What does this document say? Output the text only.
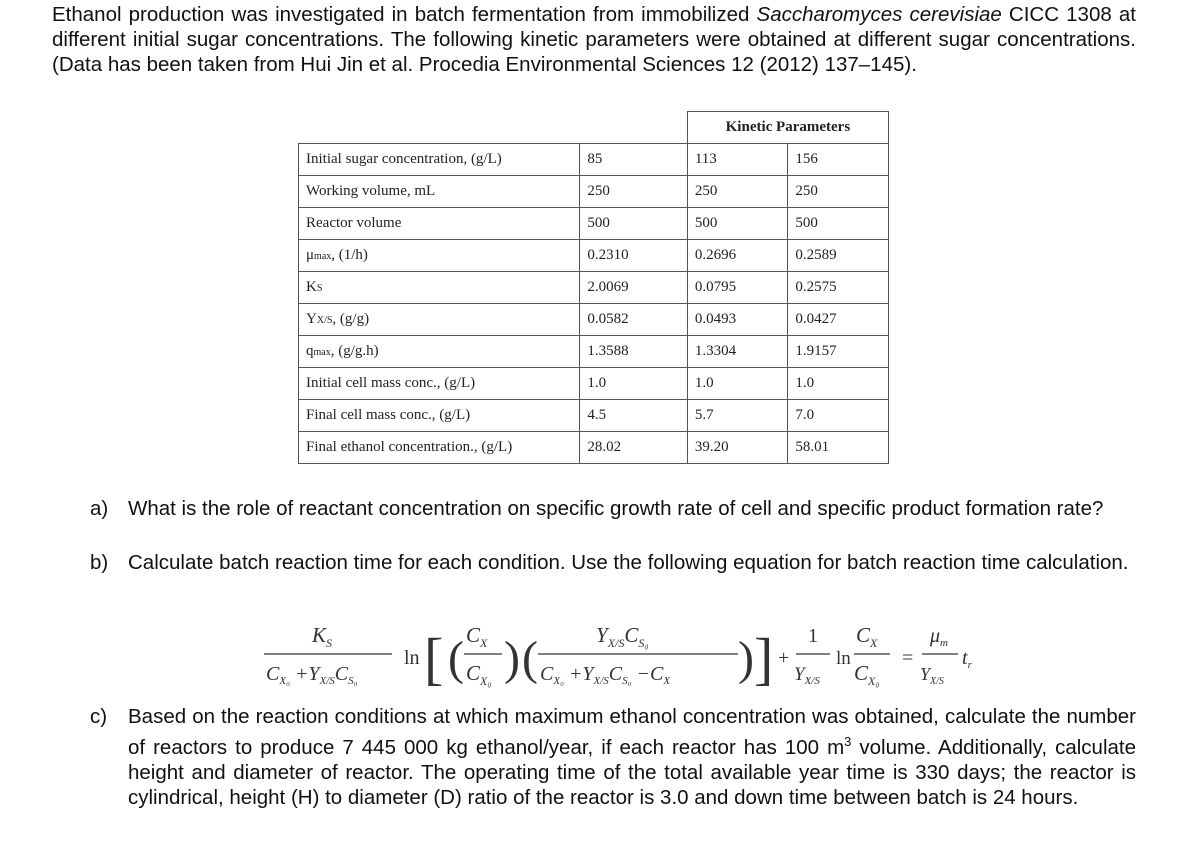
Ethanol production was investigated in batch fermentation from immobilized Saccharomyces cerevisiae CICC 1308 at different initial sugar concentrations. The following kinetic parameters were obtained at different sugar concentrations. (Data has been taken from Hui Jin et al. Procedia Environmental Sciences 12 (2012) 137–145).
		Kinetic Parameters	
Initial sugar concentration, (g/L)	85	113	156
Working volume, mL	250	250	250
Reactor volume	500	500	500
μmax, (1/h)	0.2310	0.2696	0.2589
KS	2.0069	0.0795	0.2575
YX/S, (g/g)	0.0582	0.0493	0.0427
qmax, (g/g.h)	1.3588	1.3304	1.9157
Initial cell mass conc., (g/L)	1.0	1.0	1.0
Final cell mass conc., (g/L)	4.5	5.7	7.0
Final ethanol concentration., (g/L)	28.02	39.20	58.01
a) What is the role of reactant concentration on specific growth rate of cell and specific product formation rate?
b) Calculate batch reaction time for each condition. Use the following equation for batch reaction time calculation.
$K_S$
$C_{X_0} +Y_{X/S}C_{S_0}$
ln [ ( $C_X$
$C_{X_0}$ ) (	$Y_{X/S}C_{S_0}$
$C_{X_0} +Y_{X/S}C_{S_0} -C_X$ ) ] +
1
$Y_{X/S}$
ln
$C_X$
$C_{X_0}$
=
$\mu_m$
$Y_{X/S}$
$t_r$
c) Based on the reaction conditions at which maximum ethanol concentration was obtained, calculate the number of reactors to produce 7 445 000 kg ethanol/year, if each reactor has 100 $m^3$ volume. Additionally, calculate height and diameter of reactor. The operating time of the total available year time is 330 days; the reactor is cylindrical, height (H) to diameter (D) ratio of the reactor is 3.0 and down time between batch is 24 hours.
